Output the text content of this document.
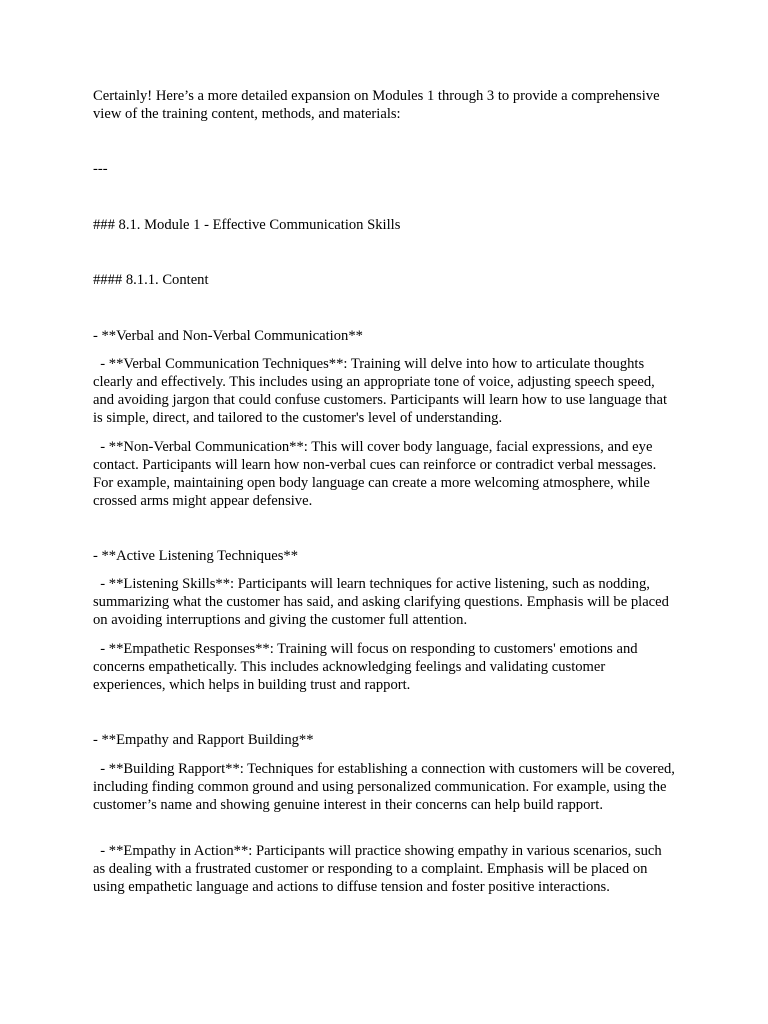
Certainly! Here’s a more detailed expansion on Modules 1 through 3 to provide a comprehensive view of the training content, methods, and materials:

---

### 8.1. Module 1 - Effective Communication Skills

#### 8.1.1. Content

- **Verbal and Non-Verbal Communication**

- **Verbal Communication Techniques**: Training will delve into how to articulate thoughts clearly and effectively. This includes using an appropriate tone of voice, adjusting speech speed, and avoiding jargon that could confuse customers. Participants will learn how to use language that is simple, direct, and tailored to the customer's level of understanding.

- **Non-Verbal Communication**: This will cover body language, facial expressions, and eye contact. Participants will learn how non-verbal cues can reinforce or contradict verbal messages. For example, maintaining open body language can create a more welcoming atmosphere, while crossed arms might appear defensive.

- **Active Listening Techniques**

- **Listening Skills**: Participants will learn techniques for active listening, such as nodding, summarizing what the customer has said, and asking clarifying questions. Emphasis will be placed on avoiding interruptions and giving the customer full attention.

- **Empathetic Responses**: Training will focus on responding to customers' emotions and concerns empathetically. This includes acknowledging feelings and validating customer experiences, which helps in building trust and rapport.

- **Empathy and Rapport Building**

- **Building Rapport**: Techniques for establishing a connection with customers will be covered, including finding common ground and using personalized communication. For example, using the customer’s name and showing genuine interest in their concerns can help build rapport.

- **Empathy in Action**: Participants will practice showing empathy in various scenarios, such as dealing with a frustrated customer or responding to a complaint. Emphasis will be placed on using empathetic language and actions to diffuse tension and foster positive interactions.
